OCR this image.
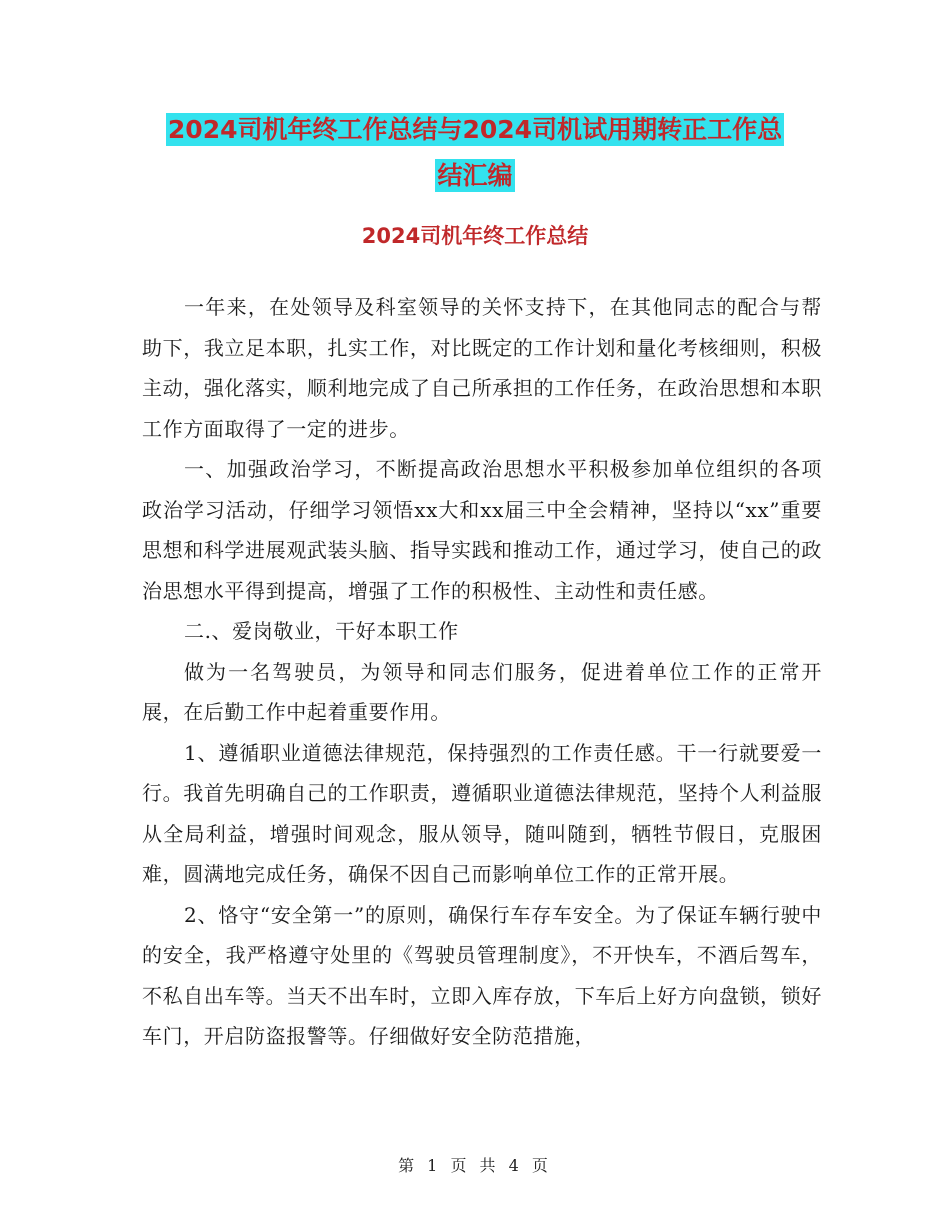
2024司机年终工作总结与2024司机试用期转正工作总
结汇编
2024司机年终工作总结

一年来，在处领导及科室领导的关怀支持下，在其他同志的配合与帮助下，我立足本职，扎实工作，对比既定的工作计划和量化考核细则，积极主动，强化落实，顺利地完成了自己所承担的工作任务，在政治思想和本职工作方面取得了一定的进步。

一、加强政治学习，不断提高政治思想水平积极参加单位组织的各项政治学习活动，仔细学习领悟xx大和xx届三中全会精神，坚持以“xx”重要思想和科学进展观武装头脑、指导实践和推动工作，通过学习，使自己的政治思想水平得到提高，增强了工作的积极性、主动性和责任感。

二.、爱岗敬业，干好本职工作

做为一名驾驶员，为领导和同志们服务，促进着单位工作的正常开展，在后勤工作中起着重要作用。

1、遵循职业道德法律规范，保持强烈的工作责任感。干一行就要爱一行。我首先明确自己的工作职责，遵循职业道德法律规范，坚持个人利益服从全局利益，增强时间观念，服从领导，随叫随到，牺牲节假日，克服困难，圆满地完成任务，确保不因自己而影响单位工作的正常开展。

2、恪守“安全第一”的原则，确保行车存车安全。为了保证车辆行驶中的安全，我严格遵守处里的《驾驶员管理制度》，不开快车，不酒后驾车，不私自出车等。当天不出车时，立即入库存放，下车后上好方向盘锁，锁好车门，开启防盗报警等。仔细做好安全防范措施，

第 1 页 共 4 页
